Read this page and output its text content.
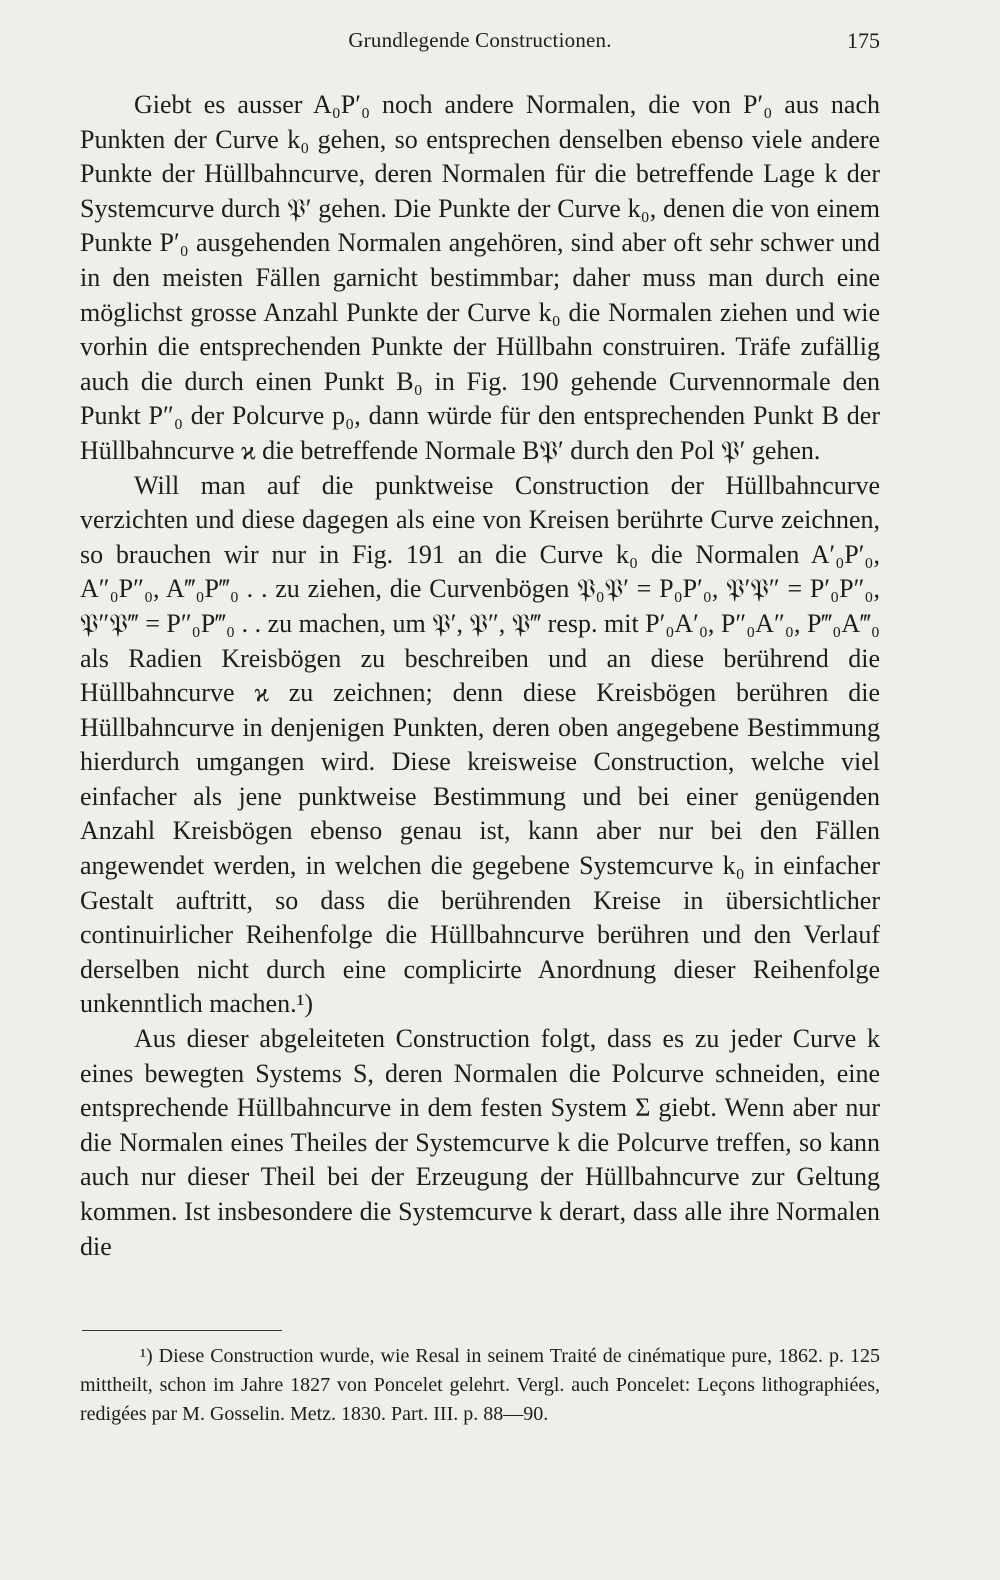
Grundlegende Constructionen.	175

Giebt es ausser A₀P′₀ noch andere Normalen, die von P′₀ aus nach Punkten der Curve k₀ gehen, so entsprechen denselben ebenso viele andere Punkte der Hüllbahncurve, deren Normalen für die betreffende Lage k der Systemcurve durch 𝔓′ gehen. Die Punkte der Curve k₀, denen die von einem Punkte P′₀ ausgehenden Normalen angehören, sind aber oft sehr schwer und in den meisten Fällen garnicht bestimmbar; daher muss man durch eine möglichst grosse Anzahl Punkte der Curve k₀ die Normalen ziehen und wie vorhin die entsprechenden Punkte der Hüllbahn construiren. Träfe zufällig auch die durch einen Punkt B₀ in Fig. 190 gehende Curvennormale den Punkt P″₀ der Polcurve p₀, dann würde für den entsprechenden Punkt B der Hüllbahncurve ϰ die betreffende Normale B𝔓′ durch den Pol 𝔓′ gehen.

Will man auf die punktweise Construction der Hüllbahncurve verzichten und diese dagegen als eine von Kreisen berührte Curve zeichnen, so brauchen wir nur in Fig. 191 an die Curve k₀ die Normalen A′₀P′₀, A″₀P″₀, A‴₀P‴₀ . . zu ziehen, die Curvenbögen 𝔓₀𝔓′ = P₀P′₀, 𝔓′𝔓″ = P′₀P″₀, 𝔓″𝔓‴ = P″₀P‴₀ . . zu machen, um 𝔓′, 𝔓″, 𝔓‴ resp. mit P′₀A′₀, P″₀A″₀, P‴₀A‴₀ als Radien Kreisbögen zu beschreiben und an diese berührend die Hüllbahncurve ϰ zu zeichnen; denn diese Kreisbögen berühren die Hüllbahncurve in denjenigen Punkten, deren oben angegebene Bestimmung hierdurch umgangen wird. Diese kreisweise Construction, welche viel einfacher als jene punktweise Bestimmung und bei einer genügenden Anzahl Kreisbögen ebenso genau ist, kann aber nur bei den Fällen angewendet werden, in welchen die gegebene Systemcurve k₀ in einfacher Gestalt auftritt, so dass die berührenden Kreise in übersichtlicher continuirlicher Reihenfolge die Hüllbahncurve berühren und den Verlauf derselben nicht durch eine complicirte Anordnung dieser Reihenfolge unkenntlich machen.¹)

Aus dieser abgeleiteten Construction folgt, dass es zu jeder Curve k eines bewegten Systems S, deren Normalen die Polcurve schneiden, eine entsprechende Hüllbahncurve in dem festen System Σ giebt. Wenn aber nur die Normalen eines Theiles der Systemcurve k die Polcurve treffen, so kann auch nur dieser Theil bei der Erzeugung der Hüllbahncurve zur Geltung kommen. Ist insbesondere die Systemcurve k derart, dass alle ihre Normalen die

¹) Diese Construction wurde, wie Resal in seinem Traité de cinématique pure, 1862. p. 125 mittheilt, schon im Jahre 1827 von Poncelet gelehrt. Vergl. auch Poncelet: Leçons lithographiées, redigées par M. Gosselin. Metz. 1830. Part. III. p. 88—90.
